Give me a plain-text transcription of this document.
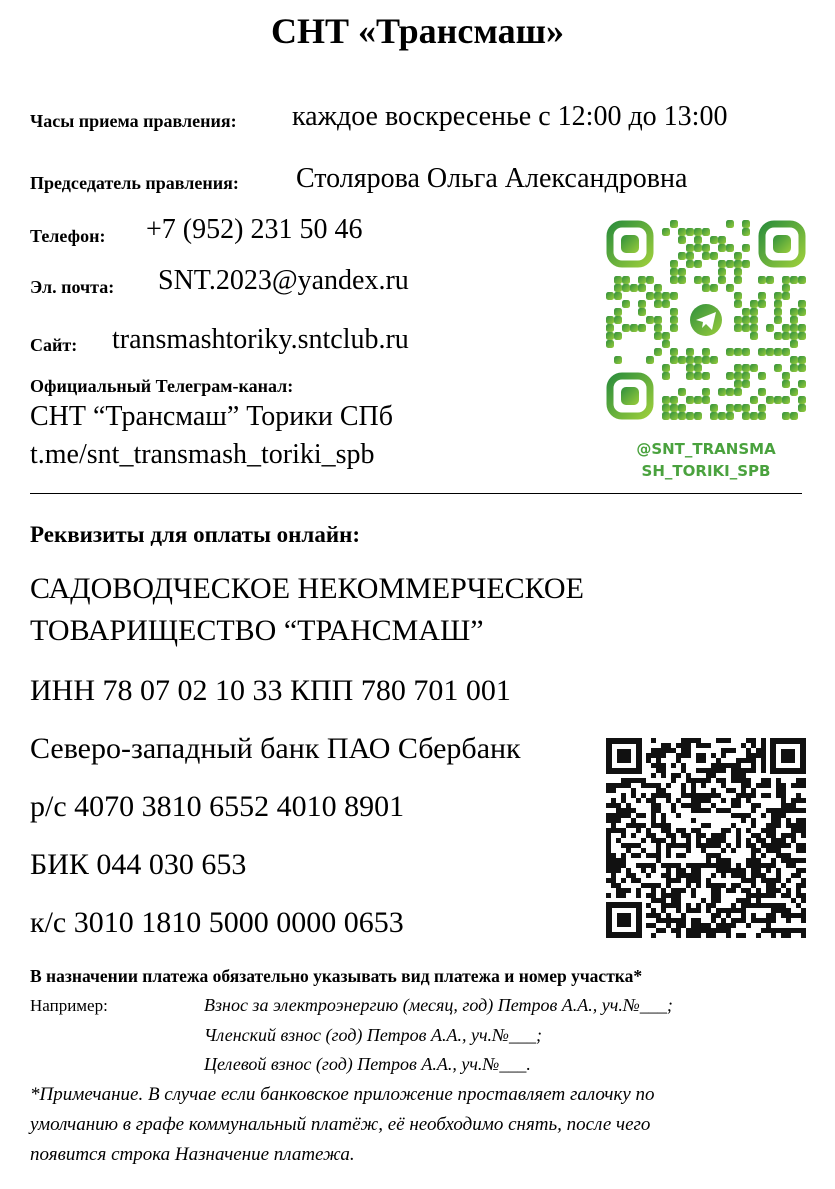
СНТ «Трансмаш»
Часы приема правления: каждое воскресенье с 12:00 до 13:00
Председатель правления: Столярова Ольга Александровна
Телефон: +7 (952) 231 50 46
Эл. почта: SNT.2023@yandex.ru
Сайт: transmashtoriky.sntclub.ru
Официальный Телеграм-канал:
СНТ “Трансмаш” Торики СПб
t.me/snt_transmash_toriki_spb	@SNT_TRANSMA
SH_TORIKI_SPB
Реквизиты для оплаты онлайн:
САДОВОДЧЕСКОЕ НЕКОММЕРЧЕСКОЕ
ТОВАРИЩЕСТВО “ТРАНСМАШ”
ИНН 78 07 02 10 33 КПП 780 701 001
Северо-западный банк ПАО Сбербанк
р/с 4070 3810 6552 4010 8901
БИК 044 030 653
к/с 3010 1810 5000 0000 0653
В назначении платежа обязательно указывать вид платежа и номер участка*
Например:	Взнос за электроэнергию (месяц, год) Петров А.А., уч.№___;
Членский взнос (год) Петров А.А., уч.№___;
Целевой взнос (год) Петров А.А., уч.№___.
*Примечание. В случае если банковское приложение проставляет галочку по
умолчанию в графе коммунальный платёж, её необходимо снять, после чего
появится строка Назначение платежа.
